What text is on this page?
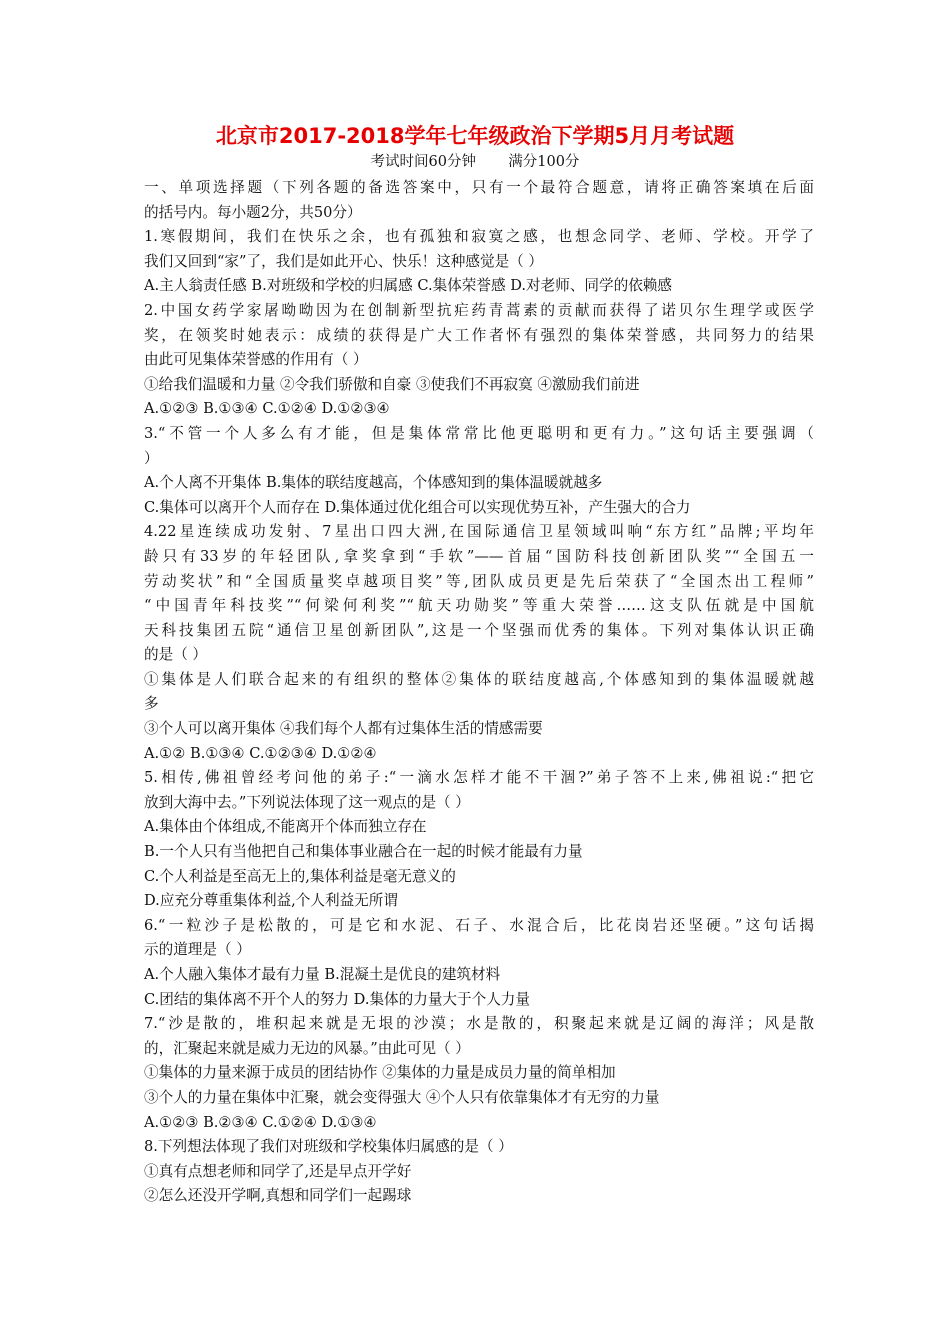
北京市2017-2018学年七年级政治下学期5月月考试题
考试时间60分钟       满分100分
一、单项选择题（下列各题的备选答案中，只有一个最符合题意，请将正确答案填在后面
的括号内。每小题2分，共50分）
1.寒假期间，我们在快乐之余，也有孤独和寂寞之感，也想念同学、老师、学校。开学了
我们又回到“家”了，我们是如此开心、快乐！这种感觉是（ ）
A.主人翁责任感 B.对班级和学校的归属感 C.集体荣誉感 D.对老师、同学的依赖感
2.中国女药学家屠呦呦因为在创制新型抗疟药青蒿素的贡献而获得了诺贝尔生理学或医学
奖，在领奖时她表示：成绩的获得是广大工作者怀有强烈的集体荣誉感，共同努力的结果
由此可见集体荣誉感的作用有（ ）
①给我们温暖和力量 ②令我们骄傲和自豪 ③使我们不再寂寞 ④激励我们前进
A.①②③ B.①③④ C.①②④ D.①②③④
3.“不管一个人多么有才能，但是集体常常比他更聪明和更有力。”这句话主要强调（
）
A.个人离不开集体 B.集体的联结度越高，个体感知到的集体温暖就越多
C.集体可以离开个人而存在 D.集体通过优化组合可以实现优势互补，产生强大的合力
4.22星连续成功发射、7星出口四大洲,在国际通信卫星领域叫响“东方红”品牌;平均年
龄只有33岁的年轻团队,拿奖拿到“手软”——首届“国防科技创新团队奖”“全国五一
劳动奖状”和“全国质量奖卓越项目奖”等,团队成员更是先后荣获了“全国杰出工程师”
“中国青年科技奖”“何梁何利奖”“航天功勋奖”等重大荣誉……这支队伍就是中国航
天科技集团五院“通信卫星创新团队”,这是一个坚强而优秀的集体。下列对集体认识正确
的是（ ）
①集体是人们联合起来的有组织的整体②集体的联结度越高,个体感知到的集体温暖就越
多
③个人可以离开集体 ④我们每个人都有过集体生活的情感需要
A.①② B.①③④ C.①②③④ D.①②④
5.相传,佛祖曾经考问他的弟子:“一滴水怎样才能不干涸?”弟子答不上来,佛祖说:“把它
放到大海中去。”下列说法体现了这一观点的是（ ）
A.集体由个体组成,不能离开个体而独立存在
B.一个人只有当他把自己和集体事业融合在一起的时候才能最有力量
C.个人利益是至高无上的,集体利益是毫无意义的
D.应充分尊重集体利益,个人利益无所谓
6.“一粒沙子是松散的，可是它和水泥、石子、水混合后，比花岗岩还坚硬。”这句话揭
示的道理是（ ）
A.个人融入集体才最有力量 B.混凝土是优良的建筑材料
C.团结的集体离不开个人的努力 D.集体的力量大于个人力量
7.“沙是散的，堆积起来就是无垠的沙漠；水是散的，积聚起来就是辽阔的海洋；风是散
的，汇聚起来就是威力无边的风暴。”由此可见（ ）
①集体的力量来源于成员的团结协作 ②集体的力量是成员力量的简单相加
③个人的力量在集体中汇聚，就会变得强大 ④个人只有依靠集体才有无穷的力量
A.①②③ B.②③④ C.①②④ D.①③④
8.下列想法体现了我们对班级和学校集体归属感的是（ ）
①真有点想老师和同学了,还是早点开学好
②怎么还没开学啊,真想和同学们一起踢球
